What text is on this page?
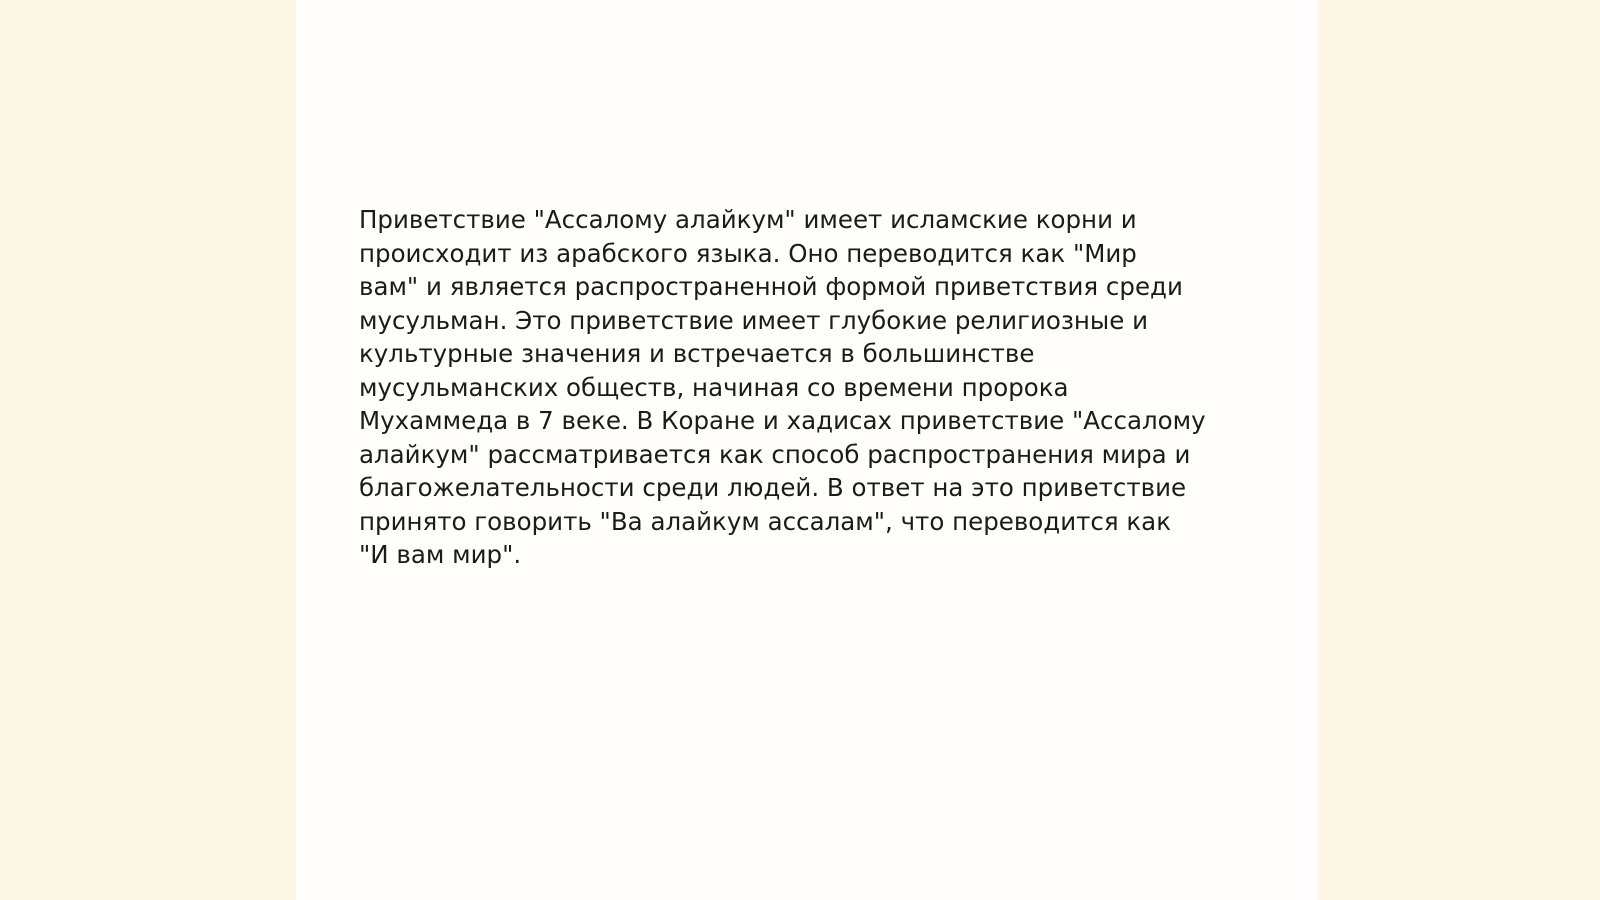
Приветствие "Ассалому алайкум" имеет исламские корни и
происходит из арабского языка. Оно переводится как "Мир
вам" и является распространенной формой приветствия среди
мусульман. Это приветствие имеет глубокие религиозные и
культурные значения и встречается в большинстве
мусульманских обществ, начиная со времени пророка
Мухаммеда в 7 веке. В Коране и хадисах приветствие "Ассалому
алайкум" рассматривается как способ распространения мира и
благожелательности среди людей. В ответ на это приветствие
принято говорить "Ва алайкум ассалам", что переводится как
"И вам мир".
